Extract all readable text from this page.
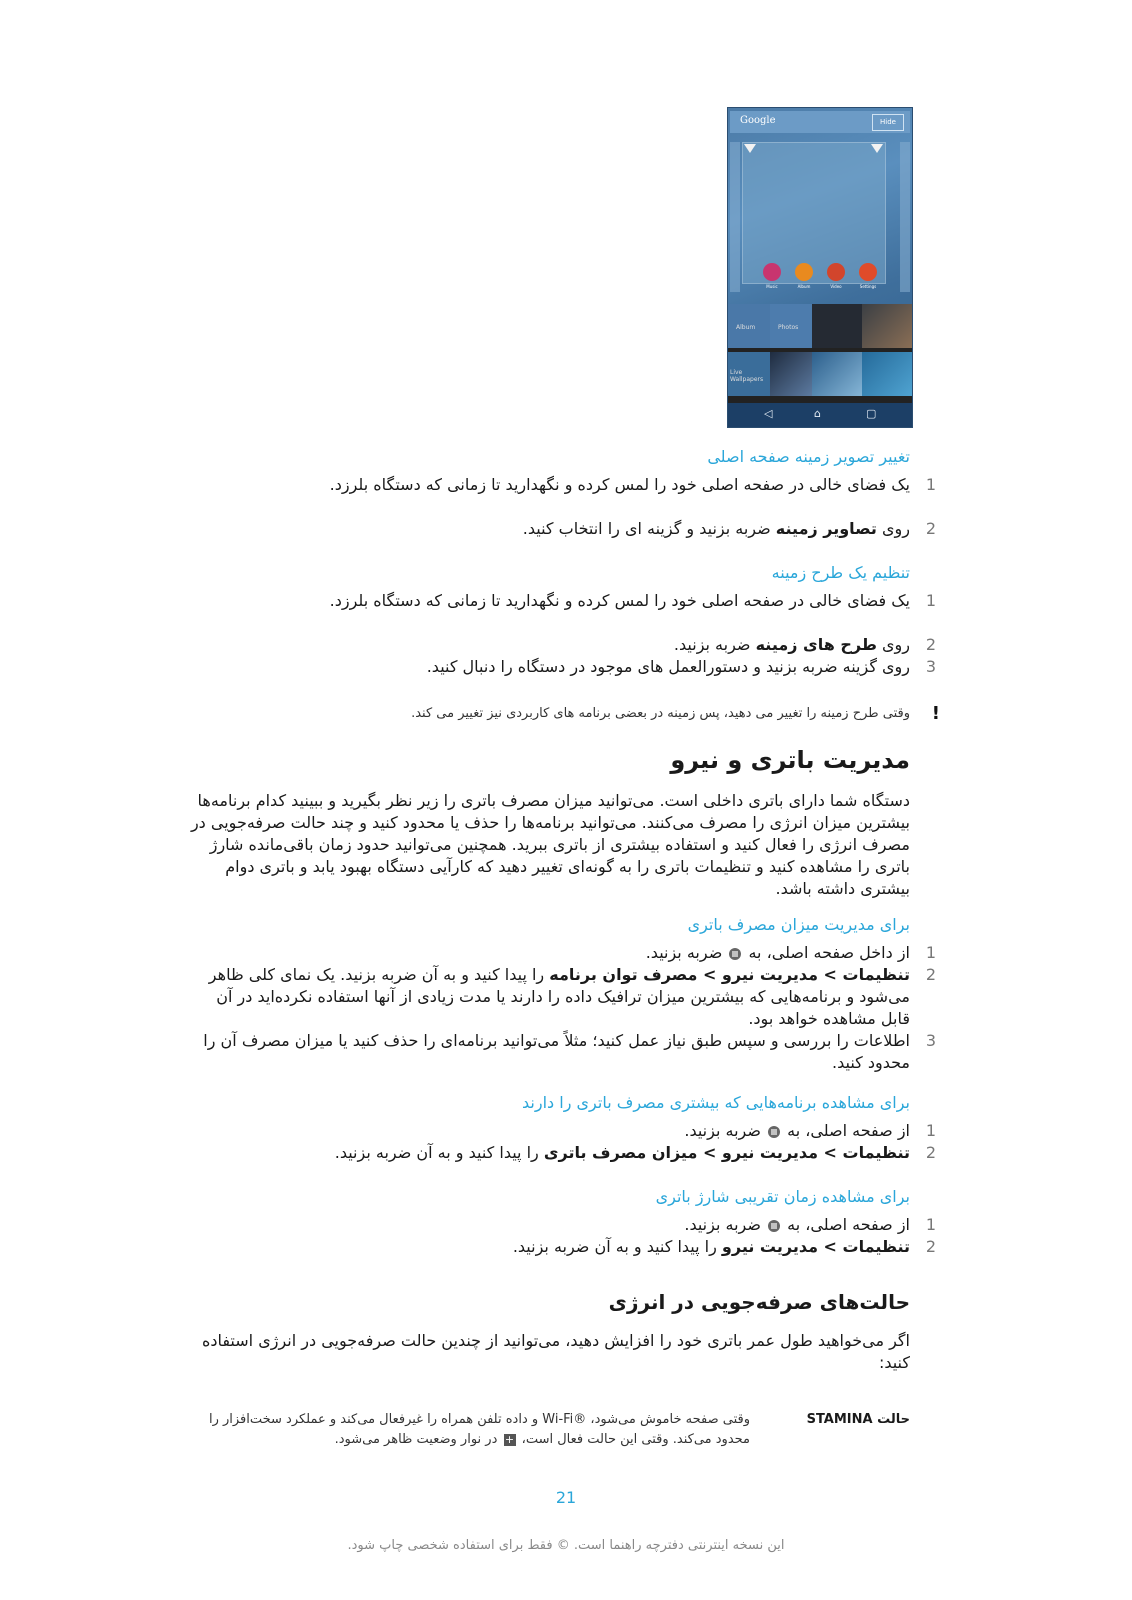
Google	Hide
Music	Album	Video	Settings
Album	Photos
Live Wallpapers
◁	⌂	▢

تغییر تصویر زمینه صفحه اصلی

1

یک فضای خالی در صفحه اصلی خود را لمس کرده و نگهدارید تا زمانی که دستگاه بلرزد.

2

روی تصاویر زمینه ضربه بزنید و گزینه ای را انتخاب کنید.

تنظیم یک طرح زمینه

1

یک فضای خالی در صفحه اصلی خود را لمس کرده و نگهدارید تا زمانی که دستگاه بلرزد.

2

روی طرح های زمینه ضربه بزنید.

3

روی گزینه ضربه بزنید و دستورالعمل های موجود در دستگاه را دنبال کنید.

!
وقتی طرح زمینه را تغییر می دهید، پس زمینه در بعضی برنامه های کاربردی نیز تغییر می کند.
مدیریت باتری و نیرو

دستگاه شما دارای باتری داخلی است. می‌توانید میزان مصرف باتری را زیر نظر بگیرید و ببینید کدام برنامه‌ها بیشترین میزان انرژی را مصرف می‌کنند. می‌توانید برنامه‌ها را حذف یا محدود کنید و چند حالت صرفه‌جویی در مصرف انرژی را فعال کنید و استفاده بیشتری از باتری ببرید. همچنین می‌توانید حدود زمان باقی‌مانده شارژ باتری را مشاهده کنید و تنظیمات باتری را به گونه‌ای تغییر دهید که کارآیی دستگاه بهبود یابد و باتری دوام بیشتری داشته باشد.

برای مدیریت میزان مصرف باتری

1

از داخل صفحه اصلی، به  ضربه بزنید.

2

تنظیمات > مدیریت نیرو > مصرف توان برنامه را پیدا کنید و به آن ضربه بزنید. یک نمای کلی ظاهر می‌شود و برنامه‌هایی که بیشترین میزان ترافیک داده را دارند یا مدت زیادی از آنها استفاده نکرده‌اید در آن قابل مشاهده خواهد بود.

3

اطلاعات را بررسی و سپس طبق نیاز عمل کنید؛ مثلاً می‌توانید برنامه‌ای را حذف کنید یا میزان مصرف آن را محدود کنید.

برای مشاهده برنامه‌هایی که بیشتری مصرف باتری را دارند

1

از صفحه اصلی، به  ضربه بزنید.

2

تنظیمات > مدیریت نیرو > میزان مصرف باتری را پیدا کنید و به آن ضربه بزنید.

برای مشاهده زمان تقریبی شارژ باتری

1

از صفحه اصلی، به  ضربه بزنید.

2

تنظیمات > مدیریت نیرو را پیدا کنید و به آن ضربه بزنید.

حالت‌های صرفه‌جویی در انرژی

اگر می‌خواهید طول عمر باتری خود را افزایش دهید، می‌توانید از چندین حالت صرفه‌جویی در انرژی استفاده کنید:

حالت STAMINA
وقتی صفحه خاموش می‌شود، ®Wi-Fi و داده تلفن همراه را غیرفعال می‌کند و عملکرد سخت‌افزار را محدود می‌کند. وقتی این حالت فعال است، + در نوار وضعیت ظاهر می‌شود.
21
این نسخه اینترنتی دفترچه راهنما است. © فقط برای استفاده شخصی چاپ شود.
